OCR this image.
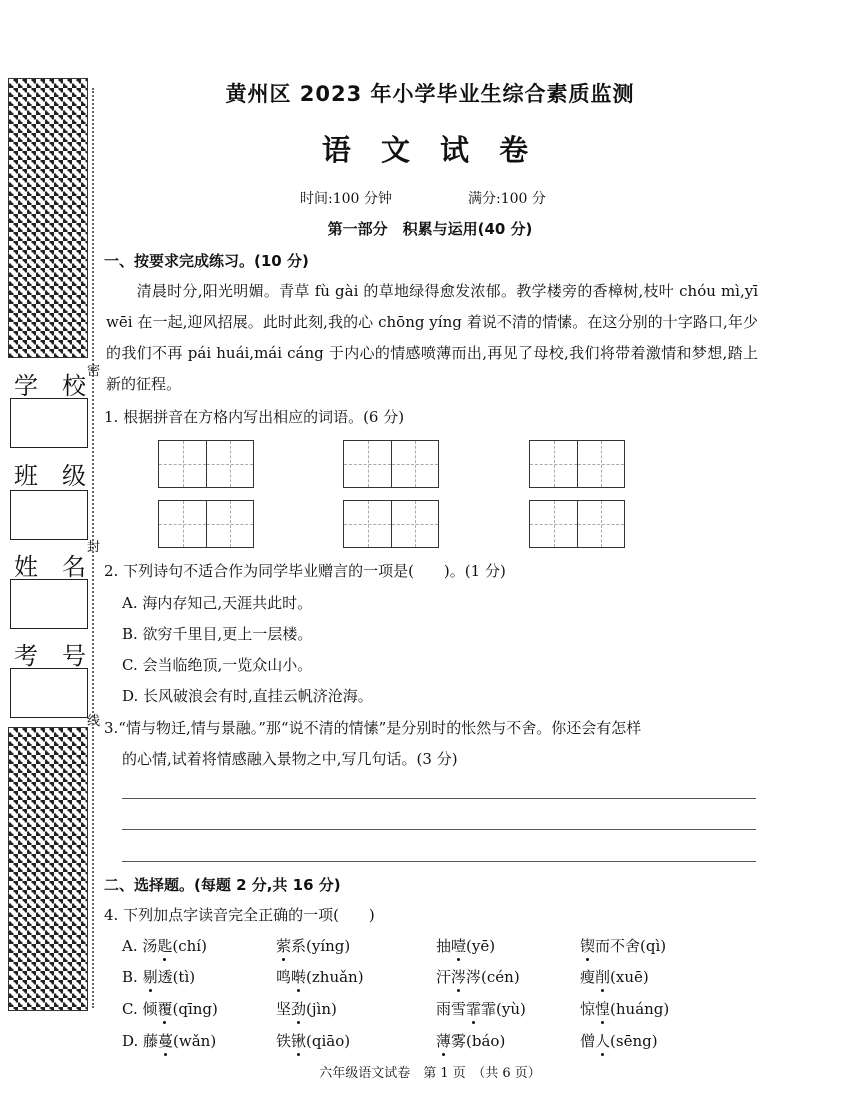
密
封
线
学 校
班 级
姓 名
考 号
黄州区 2023 年小学毕业生综合素质监测
语 文 试 卷
时间:100 分钟	满分:100 分
第一部分　积累与运用(40 分)
一、按要求完成练习。(10 分)
　　清晨时分,阳光明媚。青草 fù gài 的草地绿得愈发浓郁。教学楼旁的香樟树,枝叶 chóu mì,yī wēi 在一起,迎风招展。此时此刻,我的心 chōng yíng 着说不清的情愫。在这分别的十字路口,年少的我们不再 pái huái,mái cáng 于内心的情感喷薄而出,再见了母校,我们将带着激情和梦想,踏上新的征程。
1. 根据拼音在方格内写出相应的词语。(6 分)
2. 下列诗句不适合作为同学毕业赠言的一项是(　　)。(1 分)
A. 海内存知己,天涯共此时。
B. 欲穷千里目,更上一层楼。
C. 会当临绝顶,一览众山小。
D. 长风破浪会有时,直挂云帆济沧海。
3.“情与物迁,情与景融。”那“说不清的情愫”是分别时的怅然与不舍。你还会有怎样
的心情,试着将情感融入景物之中,写几句话。(3 分)
二、选择题。(每题 2 分,共 16 分)
4. 下列加点字读音完全正确的一项(　　)
A. 汤匙(chí)	萦系(yíng)	抽噎(yē)	锲而不舍(qì)
B. 剔透(tì)	鸣啭(zhuǎn)	汗涔涔(cén)	瘦削(xuē)
C. 倾覆(qīng)	坚劲(jìn)	雨雪霏霏(yù)	惊惶(huáng)
D. 藤蔓(wǎn)	铁锹(qiāo)	薄雾(báo)	僧人(sēng)
六年级语文试卷　第 1 页　（共 6 页）
